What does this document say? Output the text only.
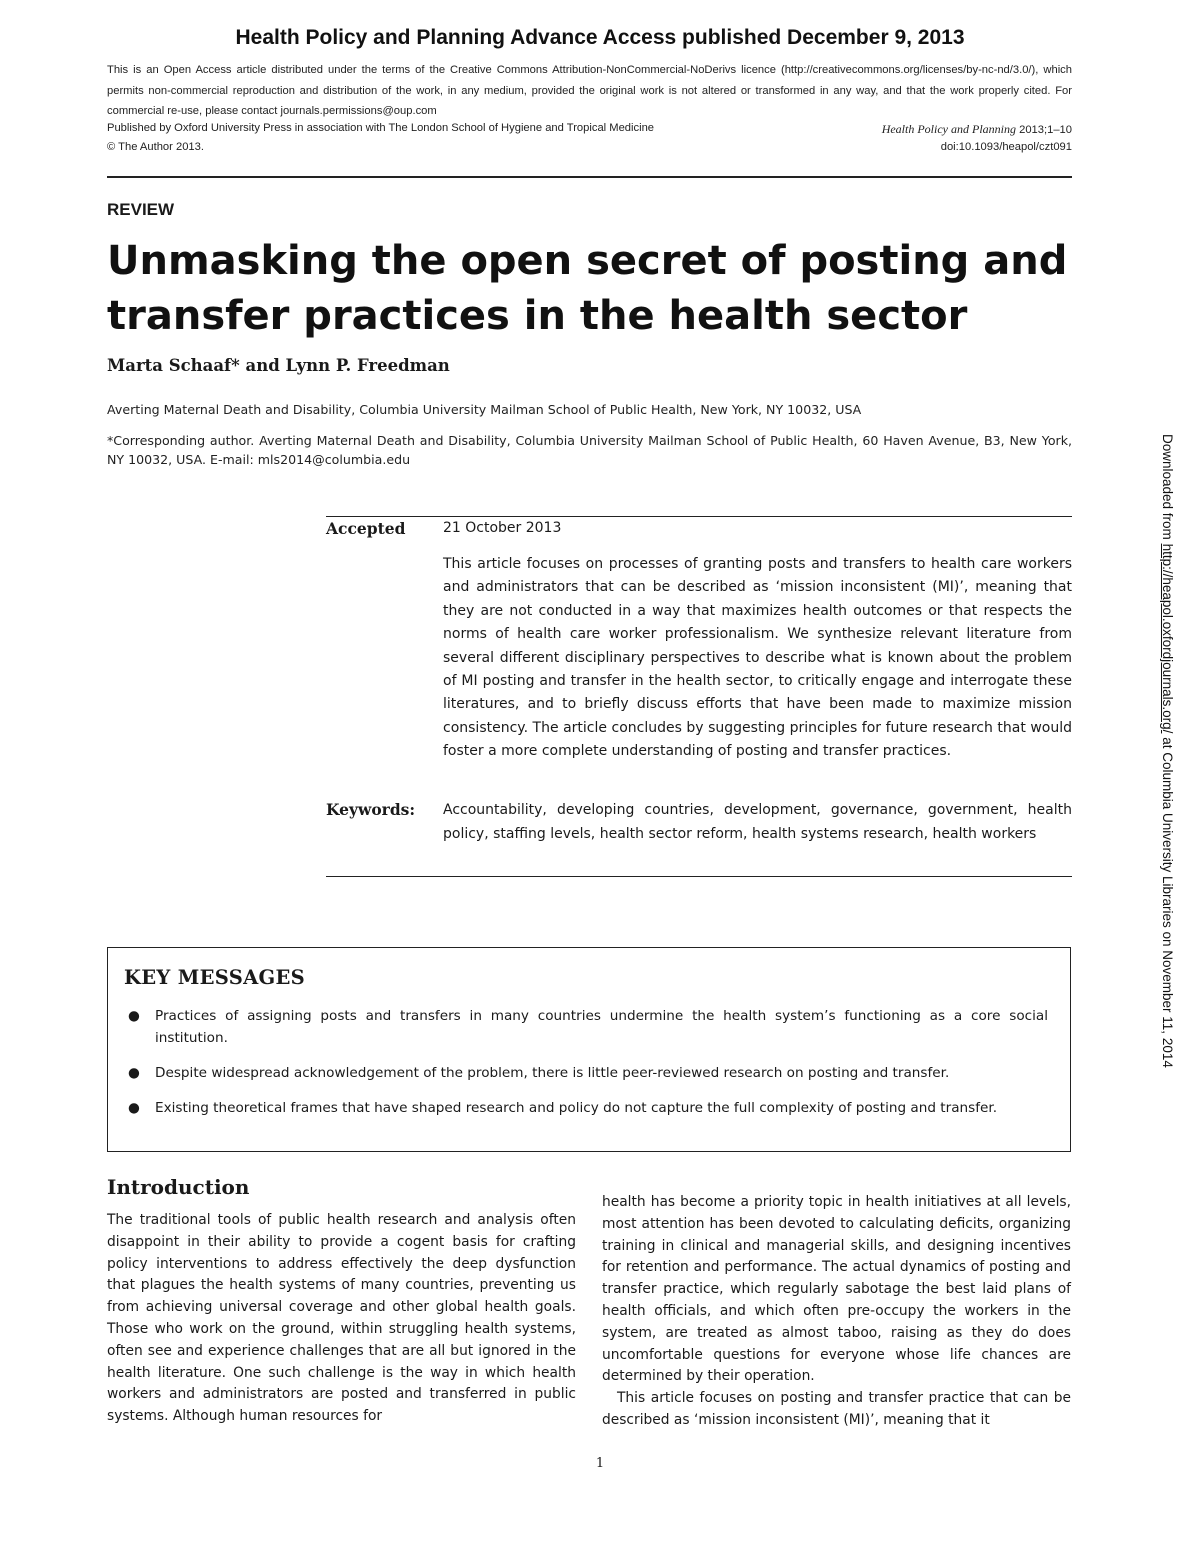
Health Policy and Planning Advance Access published December 9, 2013
This is an Open Access article distributed under the terms of the Creative Commons Attribution-NonCommercial-NoDerivs licence (http://creativecommons.org/licenses/by-nc-nd/3.0/), which permits non-commercial reproduction and distribution of the work, in any medium, provided the original work is not altered or transformed in any way, and that the work properly cited. For commercial re-use, please contact journals.permissions@oup.com
Published by Oxford University Press in association with The London School of Hygiene and Tropical Medicine	Health Policy and Planning 2013;1–10
© The Author 2013.	doi:10.1093/heapol/czt091
REVIEW
Unmasking the open secret of posting and transfer practices in the health sector
Marta Schaaf* and Lynn P. Freedman
Averting Maternal Death and Disability, Columbia University Mailman School of Public Health, New York, NY 10032, USA
*Corresponding author. Averting Maternal Death and Disability, Columbia University Mailman School of Public Health, 60 Haven Avenue, B3, New York, NY 10032, USA. E-mail: mls2014@columbia.edu
Accepted	21 October 2013
This article focuses on processes of granting posts and transfers to health care workers and administrators that can be described as ‘mission inconsistent (MI)’, meaning that they are not conducted in a way that maximizes health outcomes or that respects the norms of health care worker professionalism. We synthesize relevant literature from several different disciplinary perspectives to describe what is known about the problem of MI posting and transfer in the health sector, to critically engage and interrogate these literatures, and to briefly discuss efforts that have been made to maximize mission consistency. The article concludes by suggesting principles for future research that would foster a more complete understanding of posting and transfer practices.
Keywords: Accountability, developing countries, development, governance, government, health policy, staffing levels, health sector reform, health systems research, health workers
KEY MESSAGES
● Practices of assigning posts and transfers in many countries undermine the health system’s functioning as a core social institution.
● Despite widespread acknowledgement of the problem, there is little peer-reviewed research on posting and transfer.
● Existing theoretical frames that have shaped research and policy do not capture the full complexity of posting and transfer.
Introduction
The traditional tools of public health research and analysis often disappoint in their ability to provide a cogent basis for crafting policy interventions to address effectively the deep dysfunction that plagues the health systems of many countries, preventing us from achieving universal coverage and other global health goals. Those who work on the ground, within struggling health systems, often see and experience challenges that are all but ignored in the health literature. One such challenge is the way in which health workers and administrators are posted and transferred in public systems. Although human resources for
health has become a priority topic in health initiatives at all levels, most attention has been devoted to calculating deficits, organizing training in clinical and managerial skills, and designing incentives for retention and performance. The actual dynamics of posting and transfer practice, which regularly sabotage the best laid plans of health officials, and which often pre-occupy the workers in the system, are treated as almost taboo, raising as they do does uncomfortable questions for everyone whose life chances are determined by their operation.
This article focuses on posting and transfer practice that can be described as ‘mission inconsistent (MI)’, meaning that it
1
Downloaded from http://heapol.oxfordjournals.org/ at Columbia University Libraries on November 11, 2014
